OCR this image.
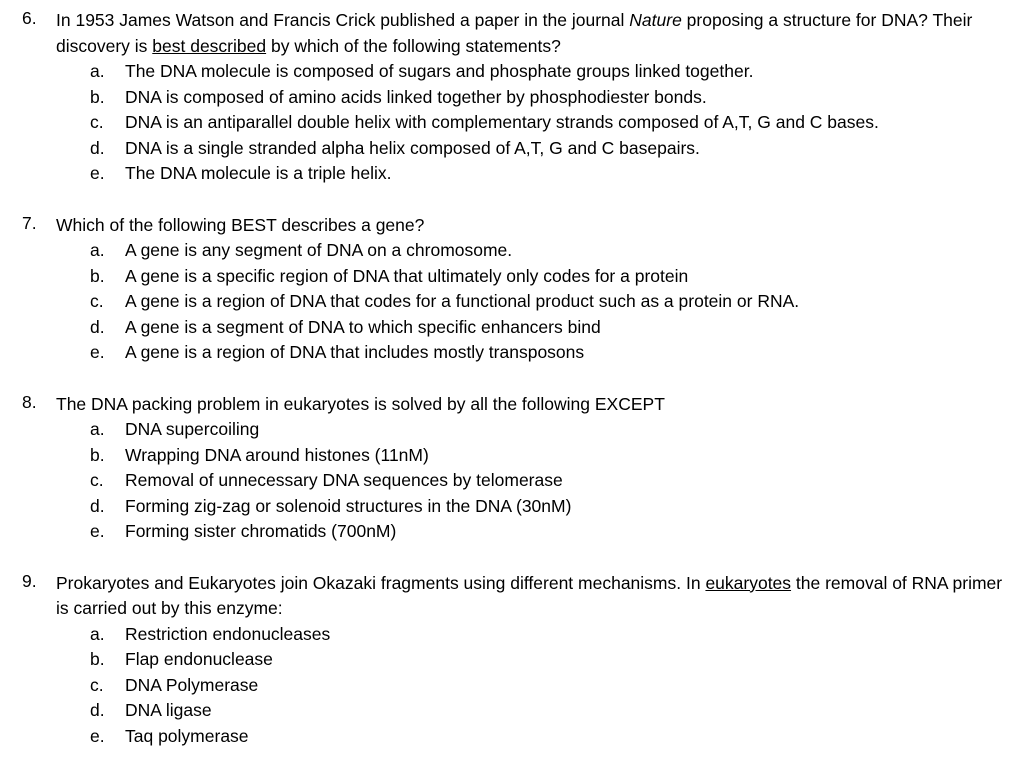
6.	In 1953 James Watson and Francis Crick published a paper in the journal Nature proposing a structure for DNA? Their discovery is best described by which of the following statements?
a.	The DNA molecule is composed of sugars and phosphate groups linked together.
b.	DNA is composed of amino acids linked together by phosphodiester bonds.
c.	DNA is an antiparallel double helix with complementary strands composed of A,T, G and C bases.
d.	DNA is a single stranded alpha helix composed of A,T, G and C basepairs.
e.	The DNA molecule is a triple helix.
7.	Which of the following BEST describes a gene?
a.	A gene is any segment of DNA on a chromosome.
b.	A gene is a specific region of DNA that ultimately only codes for a protein
c.	A gene is a region of DNA that codes for a functional product such as a protein or RNA.
d.	A gene is a segment of DNA to which specific enhancers bind
e.	A gene is a region of DNA that includes mostly transposons
8.	The DNA packing problem in eukaryotes is solved by all the following EXCEPT
a.	DNA supercoiling
b.	Wrapping DNA around histones (11nM)
c.	Removal of unnecessary DNA sequences by telomerase
d.	Forming zig-zag or solenoid structures in the DNA (30nM)
e.	Forming sister chromatids (700nM)
9.	Prokaryotes and Eukaryotes join Okazaki fragments using different mechanisms. In eukaryotes the removal of RNA primer is carried out by this enzyme:
a.	Restriction endonucleases
b.	Flap endonuclease
c.	DNA Polymerase
d.	DNA ligase
e.	Taq polymerase
